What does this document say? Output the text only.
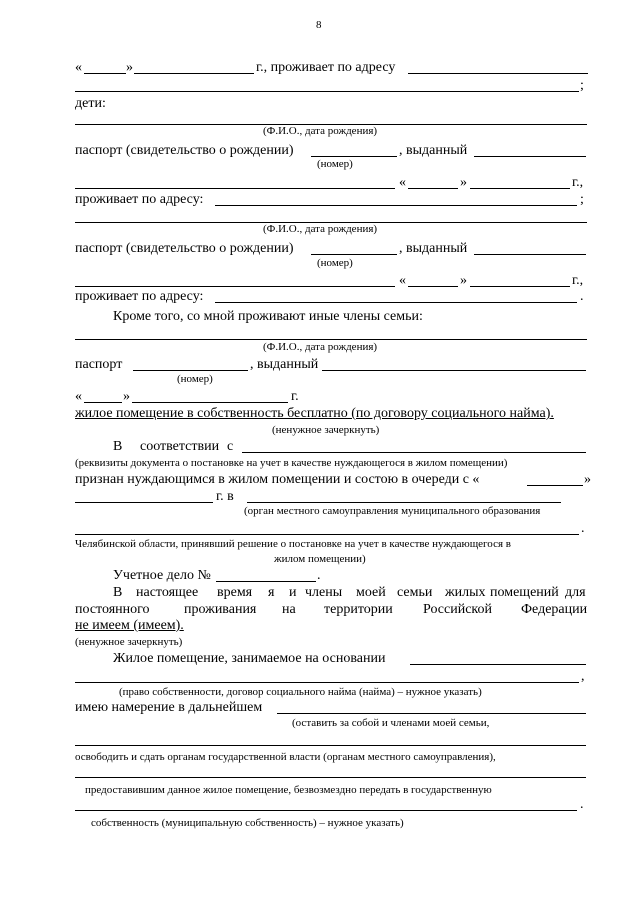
8
«	»	г., проживает по адресу
;
дети:
(Ф.И.О., дата рождения)
паспорт (свидетельство о рождении)	, выданный
(номер)
«	»	г.,
проживает по адресу:	;
(Ф.И.О., дата рождения)
паспорт (свидетельство о рождении)	, выданный
(номер)
«	»	г.,
проживает по адресу:	.
Кроме того, со мной проживают иные члены семьи:
(Ф.И.О., дата рождения)
паспорт	, выданный
(номер)
«	»	г.
жилое помещение в собственность бесплатно (по договору социального найма).
(ненужное зачеркнуть)
В соответствии с
(реквизиты документа о постановке на учет в качестве нуждающегося в жилом помещении)
признан нуждающимся в жилом помещении и состою в очереди с «	»
г. в
(орган местного самоуправления муниципального образования
.
Челябинской области, принявший решение о постановке на учет в качестве нуждающегося в
жилом помещении)
Учетное дело №	.
В настоящее время я и члены моей семьи жилых помещений для
постоянного проживания на территории Российской Федерации
не имеем (имеем).
(ненужное зачеркнуть)
Жилое помещение, занимаемое на основании
,
(право собственности, договор социального найма (найма) – нужное указать)
имею намерение в дальнейшем
(оставить за собой и членами моей семьи,
освободить и сдать органам государственной власти (органам местного самоуправления),
предоставившим данное жилое помещение, безвозмездно передать в государственную
.
собственность (муниципальную собственность) – нужное указать)
